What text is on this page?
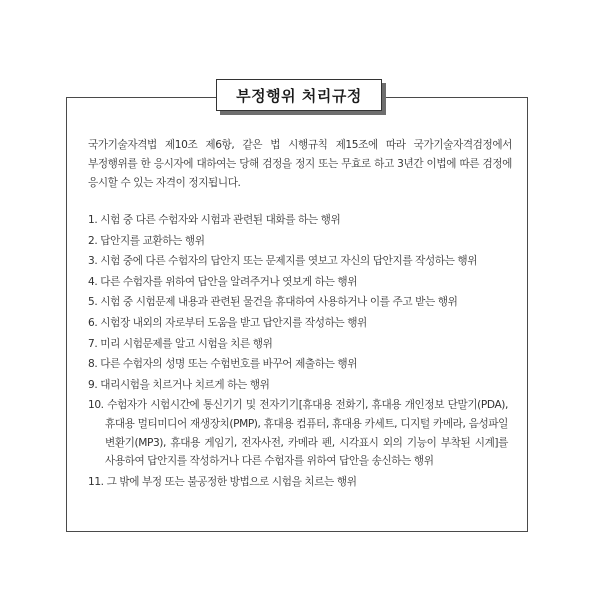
부정행위 처리규정

국가기술자격법 제10조 제6항, 같은 법 시행규칙 제15조에 따라 국가기술자격검정에서 부정행위를 한 응시자에 대하여는 당해 검정을 정지 또는 무효로 하고 3년간 이법에 따른 검정에 응시할 수 있는 자격이 정지됩니다.

1. 시험 중 다른 수험자와 시험과 관련된 대화를 하는 행위
2. 답안지를 교환하는 행위
3. 시험 중에 다른 수험자의 답안지 또는 문제지를 엿보고 자신의 답안지를 작성하는 행위
4. 다른 수험자를 위하여 답안을 알려주거나 엿보게 하는 행위
5. 시험 중 시험문제 내용과 관련된 물건을 휴대하여 사용하거나 이를 주고 받는 행위
6. 시험장 내외의 자로부터 도움을 받고 답안지를 작성하는 행위
7. 미리 시험문제를 알고 시험을 치른 행위
8. 다른 수험자의 성명 또는 수험번호를 바꾸어 제출하는 행위
9. 대리시험을 치르거나 치르게 하는 행위
10. 수험자가 시험시간에 통신기기 및 전자기기[휴대용 전화기, 휴대용 개인정보 단말기(PDA), 휴대용 멀티미디어 재생장치(PMP), 휴대용 컴퓨터, 휴대용 카세트, 디지털 카메라, 음성파일 변환기(MP3), 휴대용 게임기, 전자사전, 카메라 펜, 시각표시 외의 기능이 부착된 시계]를 사용하여 답안지를 작성하거나 다른 수험자를 위하여 답안을 송신하는 행위
11. 그 밖에 부정 또는 불공정한 방법으로 시험을 치르는 행위
